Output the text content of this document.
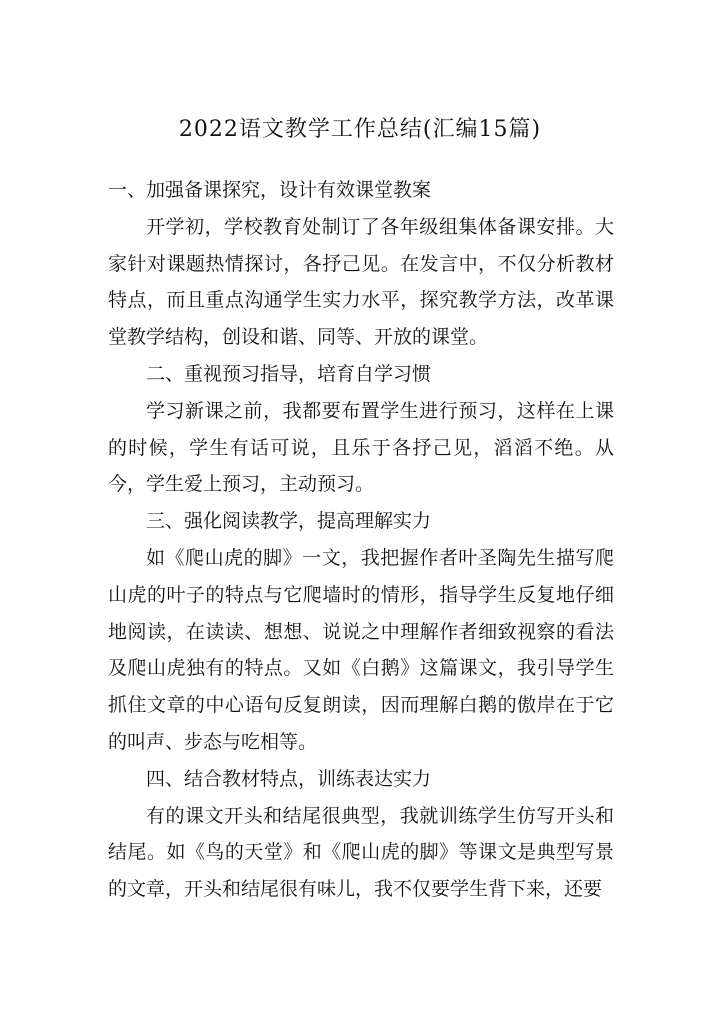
2022语文教学工作总结(汇编15篇)

一、加强备课探究，设计有效课堂教案

开学初，学校教育处制订了各年级组集体备课安排。大家针对课题热情探讨，各抒己见。在发言中，不仅分析教材特点，而且重点沟通学生实力水平，探究教学方法，改革课堂教学结构，创设和谐、同等、开放的课堂。

二、重视预习指导，培育自学习惯

学习新课之前，我都要布置学生进行预习，这样在上课的时候，学生有话可说，且乐于各抒己见，滔滔不绝。从今，学生爱上预习，主动预习。

三、强化阅读教学，提高理解实力

如《爬山虎的脚》一文，我把握作者叶圣陶先生描写爬山虎的叶子的特点与它爬墙时的情形，指导学生反复地仔细地阅读，在读读、想想、说说之中理解作者细致视察的看法及爬山虎独有的特点。又如《白鹅》这篇课文，我引导学生抓住文章的中心语句反复朗读，因而理解白鹅的傲岸在于它的叫声、步态与吃相等。

四、结合教材特点，训练表达实力

有的课文开头和结尾很典型，我就训练学生仿写开头和结尾。如《鸟的天堂》和《爬山虎的脚》等课文是典型写景的文章，开头和结尾很有味儿，我不仅要学生背下来，还要
